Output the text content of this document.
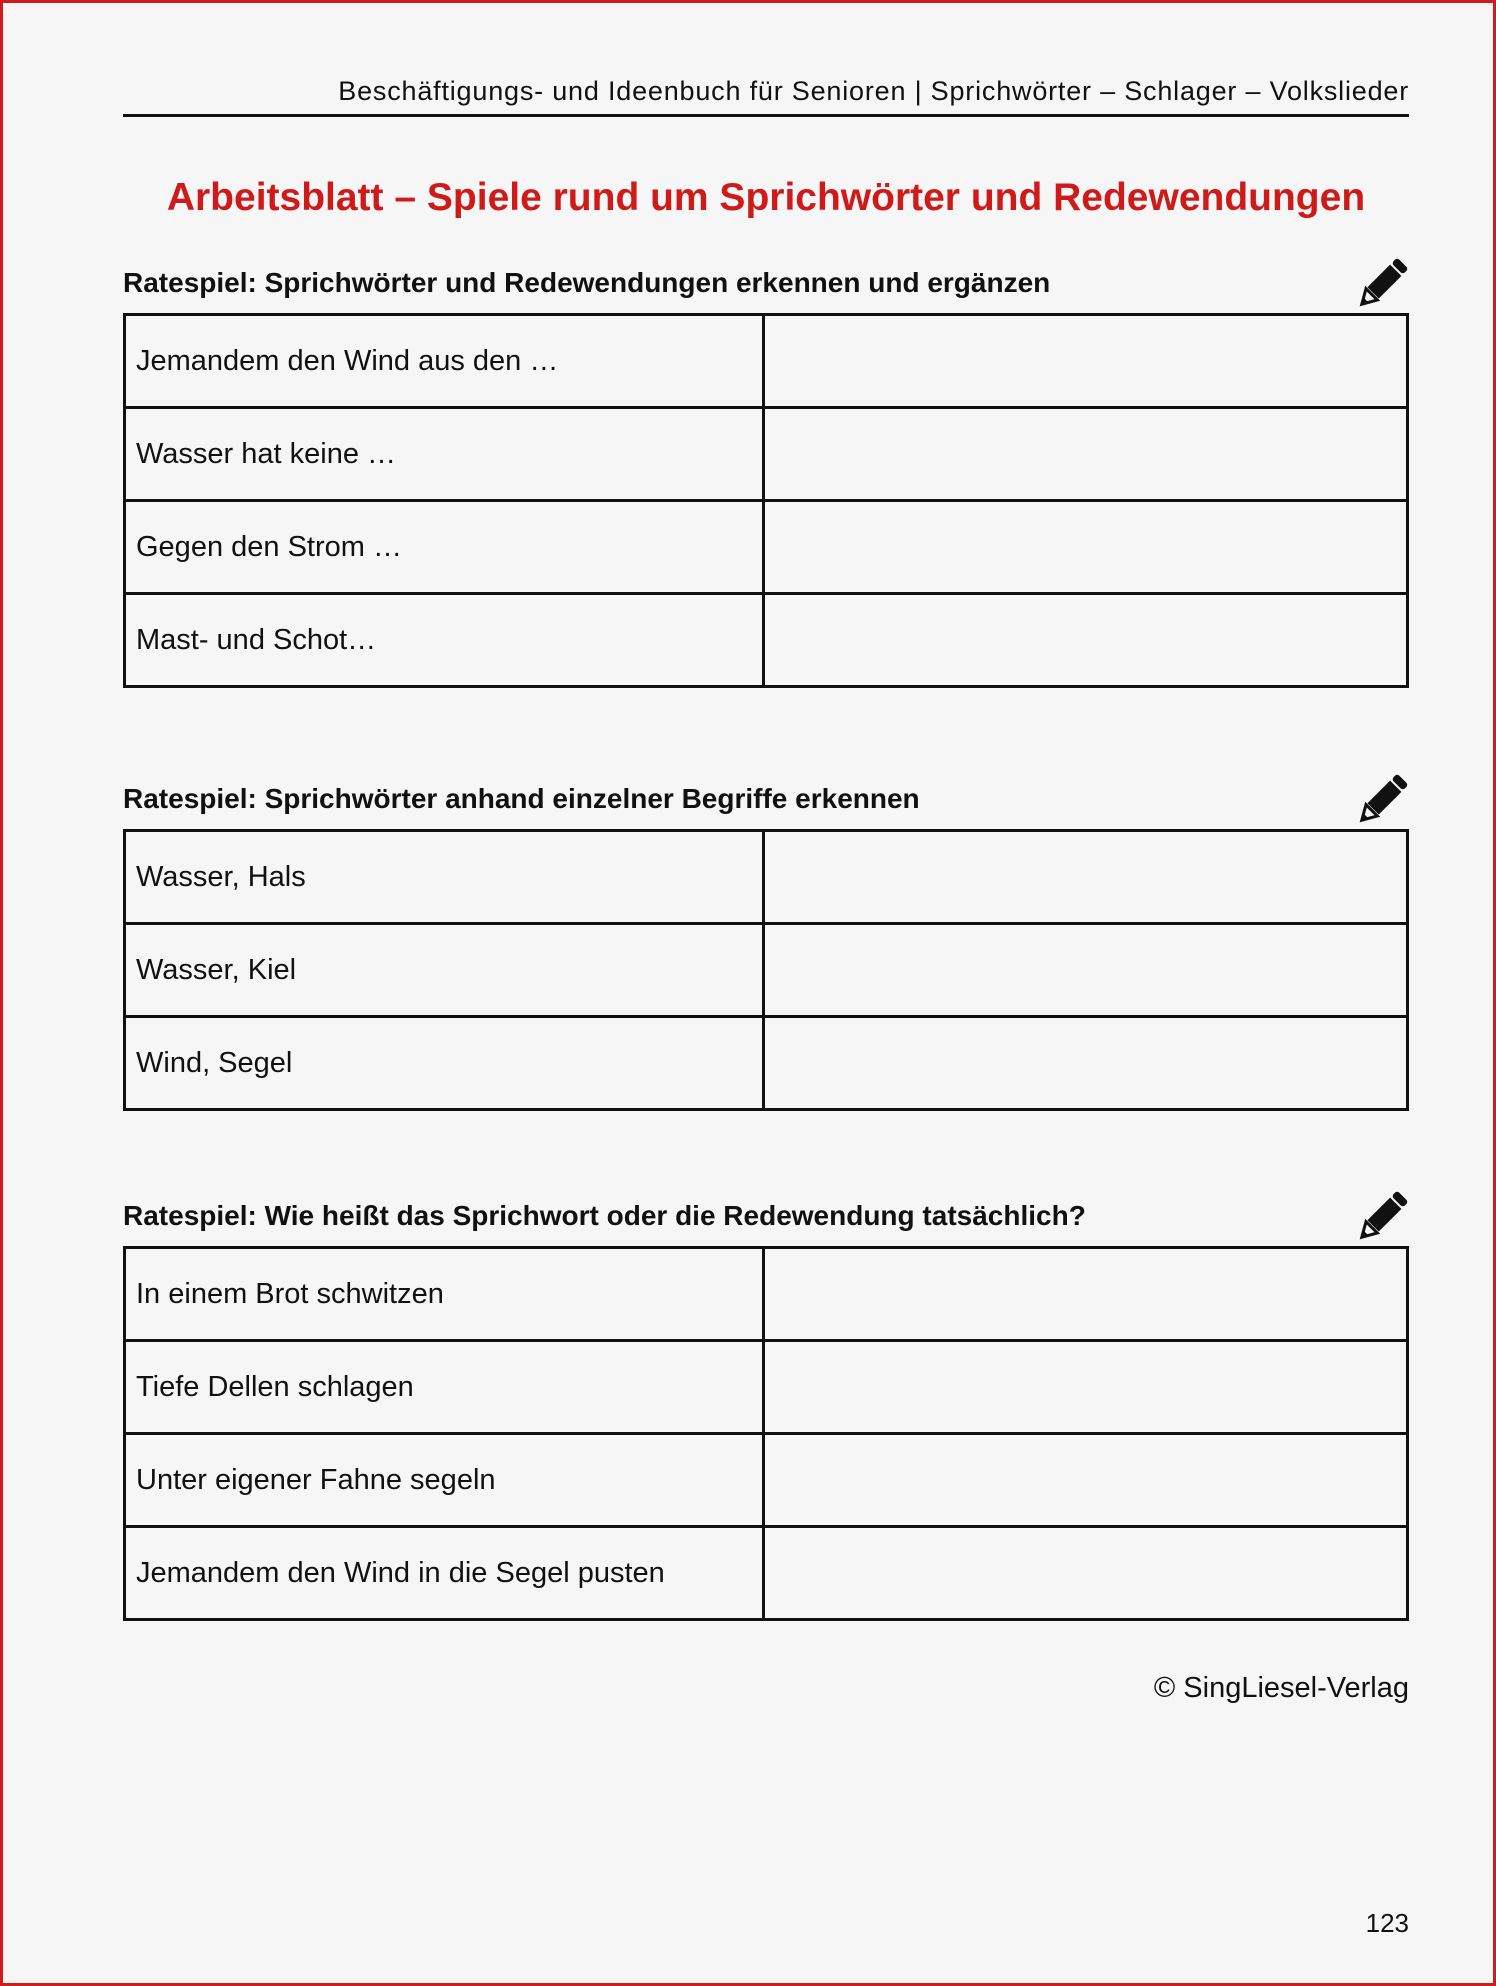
Beschäftigungs- und Ideenbuch für Senioren | Sprichwörter – Schlager – Volkslieder
Arbeitsblatt – Spiele rund um Sprichwörter und Redewendungen
Ratespiel: Sprichwörter und Redewendungen erkennen und ergänzen
Jemandem den Wind aus den …	
Wasser hat keine …	
Gegen den Strom …	
Mast- und Schot…	
Ratespiel: Sprichwörter anhand einzelner Begriffe erkennen
Wasser, Hals	
Wasser, Kiel	
Wind, Segel	
Ratespiel: Wie heißt das Sprichwort oder die Redewendung tatsächlich?
In einem Brot schwitzen	
Tiefe Dellen schlagen	
Unter eigener Fahne segeln	
Jemandem den Wind in die Segel pusten	
© SingLiesel-Verlag
123
